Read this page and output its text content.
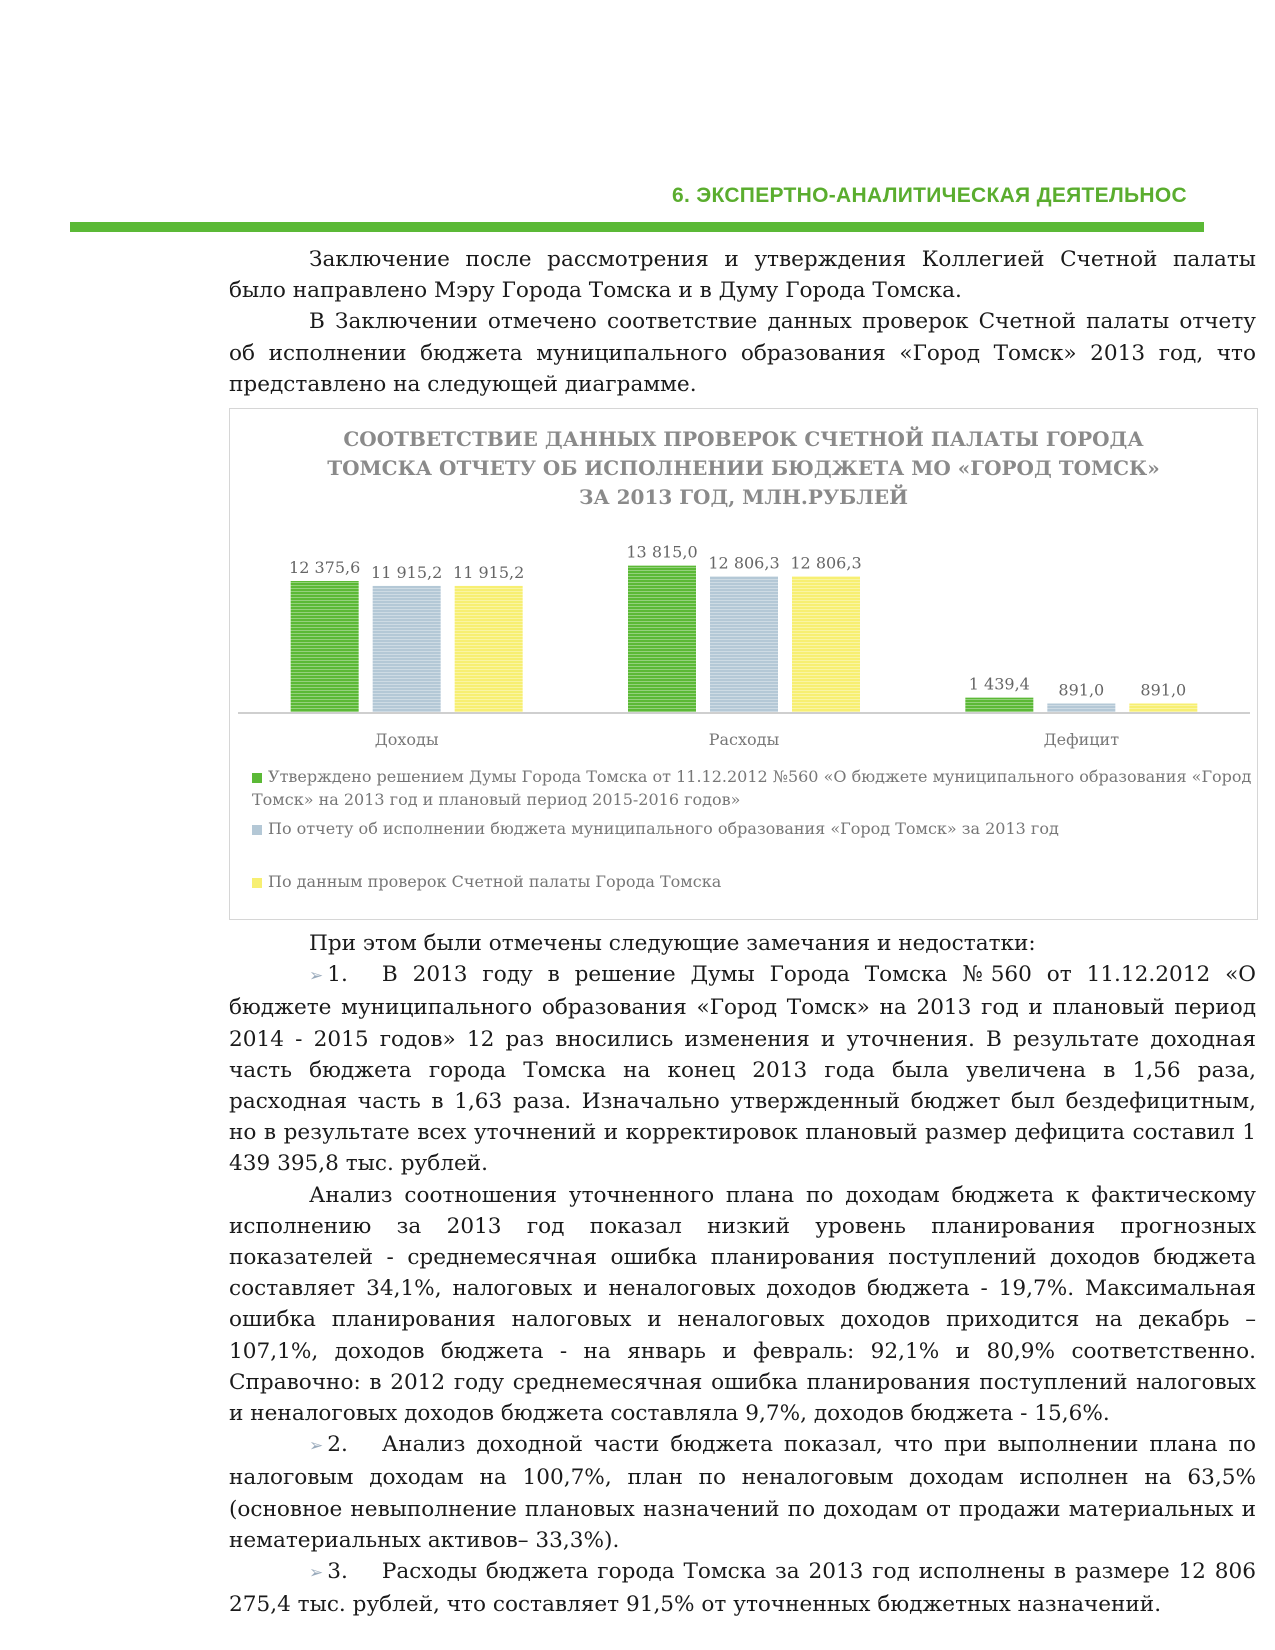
6. ЭКСПЕРТНО-АНАЛИТИЧЕСКАЯ ДЕЯТЕЛЬНОС

Заключение после рассмотрения и утверждения Коллегией Счетной палаты было направлено Мэру Города Томска и в Думу Города Томска.

В Заключении отмечено соответствие данных проверок Счетной палаты отчету об исполнении бюджета муниципального образования «Город Томск» 2013 год, что представлено на следующей диаграмме.

12 375,6 11 915,2 11 915,2
Доходы
13 815,0
12 806,3 12 806,3
Расходы
1 439,4 891,0 891,0
Дефицит
СООТВЕТСТВИЕ ДАННЫХ ПРОВЕРОК СЧЕТНОЙ ПАЛАТЫ ГОРОДА
ТОМСКА ОТЧЕТУ ОБ ИСПОЛНЕНИИ БЮДЖЕТА МО «ГОРОД ТОМСК»
ЗА 2013 ГОД, МЛН.РУБЛЕЙ
Утверждено решением Думы Города Томска от 11.12.2012 №560 «О бюджете муниципального образования «Город Томск» на 2013 год и плановый период 2015-2016 годов»
По отчету об исполнении бюджета муниципального образования «Город Томск» за 2013 год
По данным проверок Счетной палаты Города Томска

При этом были отмечены следующие замечания и недостатки:

➢ 1. В 2013 году в решение Думы Города Томска №560 от 11.12.2012 «О бюджете муниципального образования «Город Томск» на 2013 год и плановый период 2014 - 2015 годов» 12 раз вносились изменения и уточнения. В результате доходная часть бюджета города Томска на конец 2013 года была увеличена в 1,56 раза, расходная часть в 1,63 раза. Изначально утвержденный бюджет был бездефицитным, но в результате всех уточнений и корректировок плановый размер дефицита составил 1 439 395,8 тыс. рублей.

Анализ соотношения уточненного плана по доходам бюджета к фактическому исполнению за 2013 год показал низкий уровень планирования прогнозных показателей - среднемесячная ошибка планирования поступлений доходов бюджета составляет 34,1%, налоговых и неналоговых доходов бюджета - 19,7%. Максимальная ошибка планирования налоговых и неналоговых доходов приходится на декабрь – 107,1%, доходов бюджета - на январь и февраль: 92,1% и 80,9% соответственно. Справочно: в 2012 году среднемесячная ошибка планирования поступлений налоговых и неналоговых доходов бюджета составляла 9,7%, доходов бюджета - 15,6%.

➢ 2. Анализ доходной части бюджета показал, что при выполнении плана по налоговым доходам на 100,7%, план по неналоговым доходам исполнен на 63,5% (основное невыполнение плановых назначений по доходам от продажи материальных и нематериальных активов– 33,3%).

➢ 3. Расходы бюджета города Томска за 2013 год исполнены в размере 12 806 275,4 тыс. рублей, что составляет 91,5% от уточненных бюджетных назначений.
